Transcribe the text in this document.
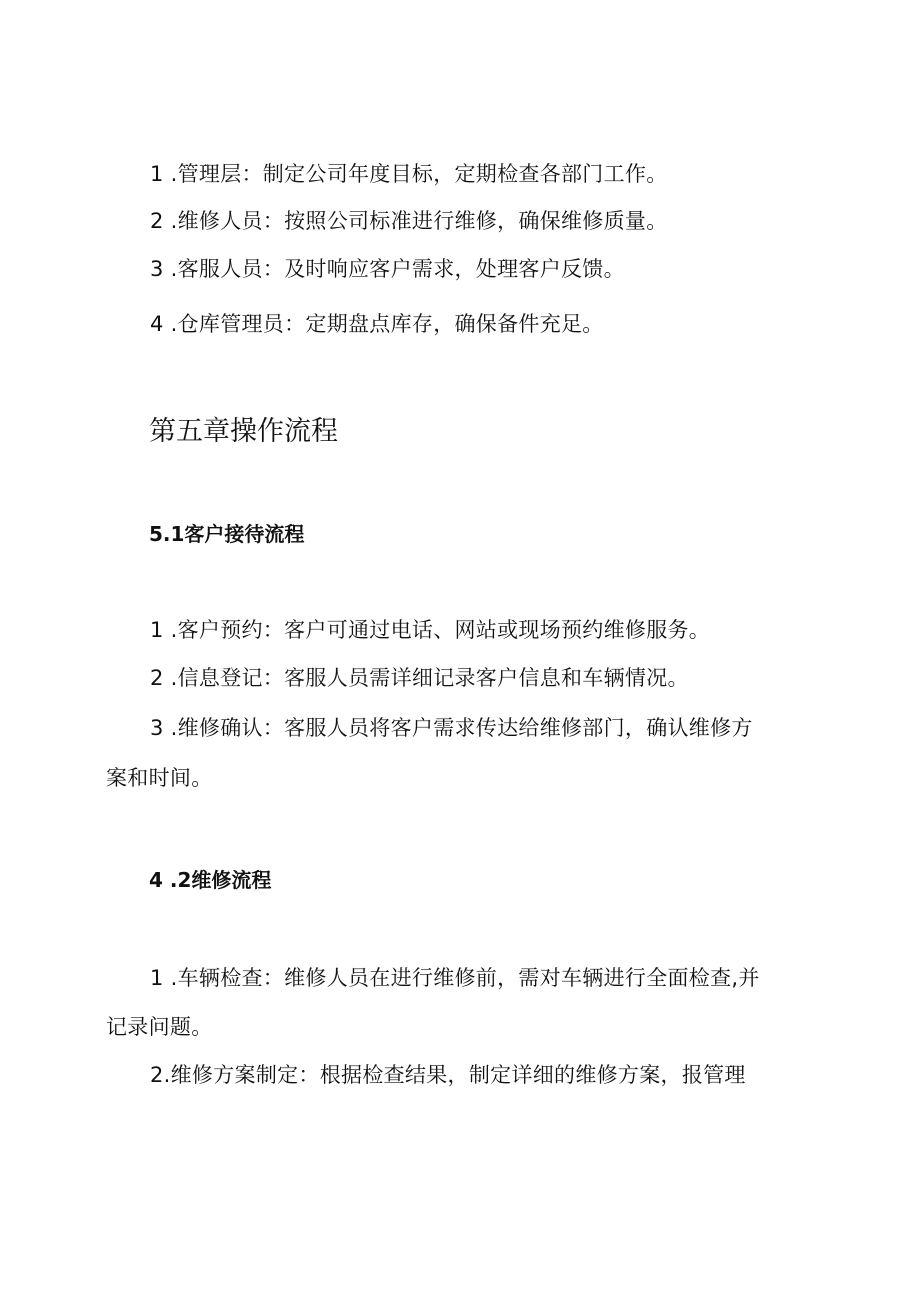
1 .管理层：制定公司年度目标，定期检查各部门工作。

2 .维修人员：按照公司标准进行维修，确保维修质量。

3 .客服人员：及时响应客户需求，处理客户反馈。

4 .仓库管理员：定期盘点库存，确保备件充足。

第五章操作流程
5.1客户接待流程

1 .客户预约：客户可通过电话、网站或现场预约维修服务。

2 .信息登记：客服人员需详细记录客户信息和车辆情况。

3 .维修确认：客服人员将客户需求传达给维修部门，确认维修方

案和时间。

4 .2维修流程

1 .车辆检查：维修人员在进行维修前，需对车辆进行全面检查,并

记录问题。

2.维修方案制定：根据检查结果，制定详细的维修方案，报管理
